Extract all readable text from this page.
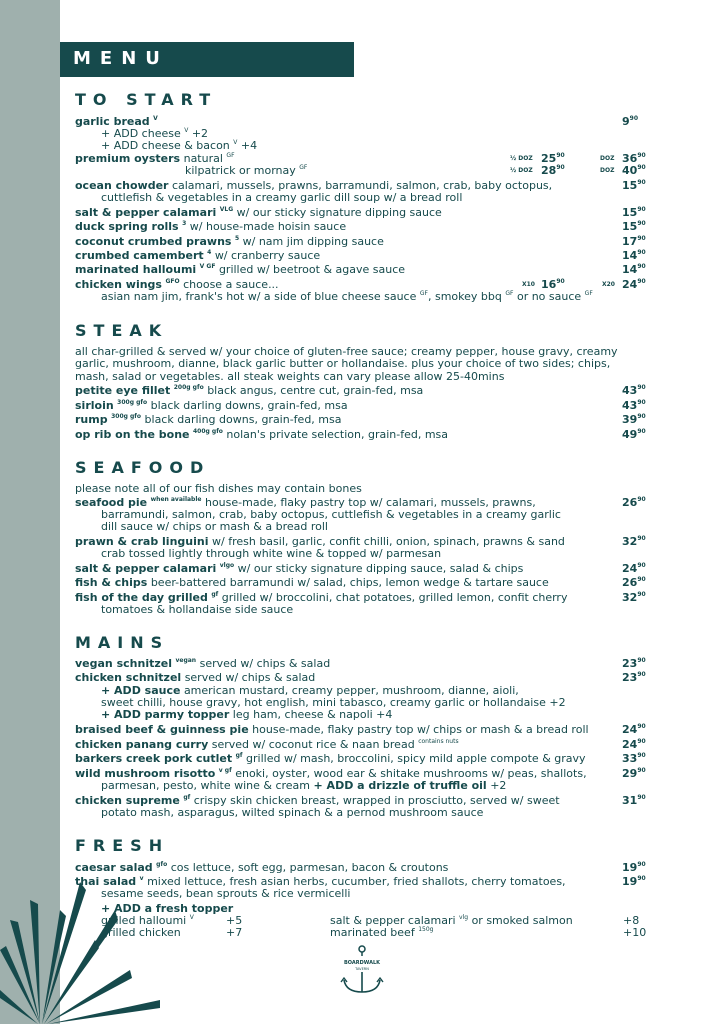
MENU
TO START
garlic bread $^V$	$9^{90}$
+ ADD cheese $^V$ +2
+ ADD cheese & bacon $^V$ +4
premium oysters natural $^{GF}$
kilpatrick or mornay $^{GF}$
½ DOZ $25^{90}$	DOZ $36^{90}$
½ DOZ $28^{90}$	DOZ $40^{90}$
ocean chowder calamari, mussels, prawns, barramundi, salmon, crab, baby octopus,
cuttlefish & vegetables in a creamy garlic dill soup w/ a bread roll
$15^{90}$
salt & pepper calamari $^{VLG}$ w/ our sticky signature dipping sauce	$15^{90}$
duck spring rolls $^3$ w/ house-made hoisin sauce	$15^{90}$
coconut crumbed prawns $^5$ w/ nam jim dipping sauce	$17^{90}$
crumbed camembert $^4$ w/ cranberry sauce	$14^{90}$
marinated halloumi $^{V GF}$ grilled w/ beetroot & agave sauce	$14^{90}$
chicken wings $^{GFO}$ choose a sauce...	X10 $16^{90}$	X20 $24^{90}$
asian nam jim, frank's hot w/ a side of blue cheese sauce $^{GF}$, smokey bbq $^{GF}$ or no sauce $^{GF}$
STEAK
all char-grilled & served w/ your choice of gluten-free sauce; creamy pepper, house gravy, creamy garlic, mushroom, dianne, black garlic butter or hollandaise. plus your choice of two sides; chips, mash, salad or vegetables. all steak weights can vary please allow 25-40mins
petite eye fillet $^{200g gfo}$ black angus, centre cut, grain-fed, msa	$43^{90}$
sirloin $^{300g gfo}$ black darling downs, grain-fed, msa	$43^{90}$
rump $^{300g gfo}$ black darling downs, grain-fed, msa	$39^{90}$
op rib on the bone $^{400g gfo}$ nolan's private selection, grain-fed, msa	$49^{90}$
SEAFOOD
please note all of our fish dishes may contain bones
seafood pie $^{when available}$ house-made, flaky pastry top w/ calamari, mussels, prawns,
barramundi, salmon, crab, baby octopus, cuttlefish & vegetables in a creamy garlic
dill sauce w/ chips or mash & a bread roll
$26^{90}$
prawn & crab linguini w/ fresh basil, garlic, confit chilli, onion, spinach, prawns & sand
crab tossed lightly through white wine & topped w/ parmesan
$32^{90}$
salt & pepper calamari $^{vlgo}$ w/ our sticky signature dipping sauce, salad & chips	$24^{90}$
fish & chips beer-battered barramundi w/ salad, chips, lemon wedge & tartare sauce	$26^{90}$
fish of the day grilled $^{gf}$ grilled w/ broccolini, chat potatoes, grilled lemon, confit cherry
tomatoes & hollandaise side sauce
$32^{90}$
MAINS
vegan schnitzel $^{vegan}$ served w/ chips & salad	$23^{90}$
chicken schnitzel served w/ chips & salad	$23^{90}$
+ ADD sauce american mustard, creamy pepper, mushroom, dianne, aioli,
sweet chilli, house gravy, hot english, mini tabasco, creamy garlic or hollandaise +2
+ ADD parmy topper leg ham, cheese & napoli +4
braised beef & guinness pie house-made, flaky pastry top w/ chips or mash & a bread roll	$24^{90}$
chicken panang curry served w/ coconut rice & naan bread $^{contains nuts}$	$24^{90}$
barkers creek pork cutlet $^{gf}$ grilled w/ mash, broccolini, spicy mild apple compote & gravy	$33^{90}$
wild mushroom risotto $^{v gf}$ enoki, oyster, wood ear & shitake mushrooms w/ peas, shallots,
parmesan, pesto, white wine & cream + ADD a drizzle of truffle oil +2
$29^{90}$
chicken supreme $^{gf}$ crispy skin chicken breast, wrapped in prosciutto, served w/ sweet
potato mash, asparagus, wilted spinach & a pernod mushroom sauce
$31^{90}$
FRESH
caesar salad $^{gfo}$ cos lettuce, soft egg, parmesan, bacon & croutons	$19^{90}$
thai salad $^v$ mixed lettuce, fresh asian herbs, cucumber, fried shallots, cherry tomatoes,
sesame seeds, bean sprouts & rice vermicelli
$19^{90}$
+ ADD a fresh topper
grilled halloumi $^V$	+5
grilled chicken	+7
salt & pepper calamari $^{vlg}$ or smoked salmon	+8
marinated beef $^{150g}$	+10
BOARDWALK
TAVERN
